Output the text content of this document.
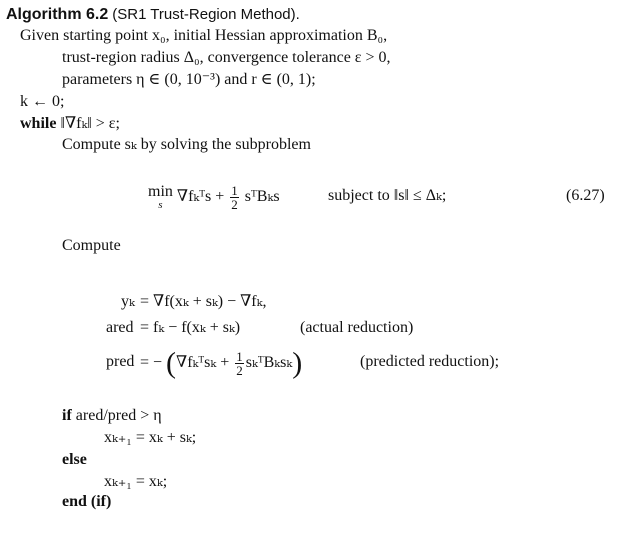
Algorithm 6.2 (SR1 Trust-Region Method).
Given starting point x₀, initial Hessian approximation B₀,
trust-region radius Δ₀, convergence tolerance ε > 0,
parameters η ∈ (0, 10⁻³) and r ∈ (0, 1);
k ← 0;
while ‖∇fₖ‖ > ε;
Compute sₖ by solving the subproblem
min
s ∇fₖᵀs + $\frac{1}{2}$ sᵀBₖs	subject to ‖s‖ ≤ Δₖ;	(6.27)
Compute
yₖ = ∇f(xₖ + sₖ) − ∇fₖ,
ared = fₖ − f(xₖ + sₖ)	(actual reduction)
pred = − (∇fₖᵀsₖ + $\frac{1}{2}$ sₖᵀBₖsₖ)	(predicted reduction);
if ared/pred > η
xₖ₊₁ = xₖ + sₖ;
else
xₖ₊₁ = xₖ;
end (if)
